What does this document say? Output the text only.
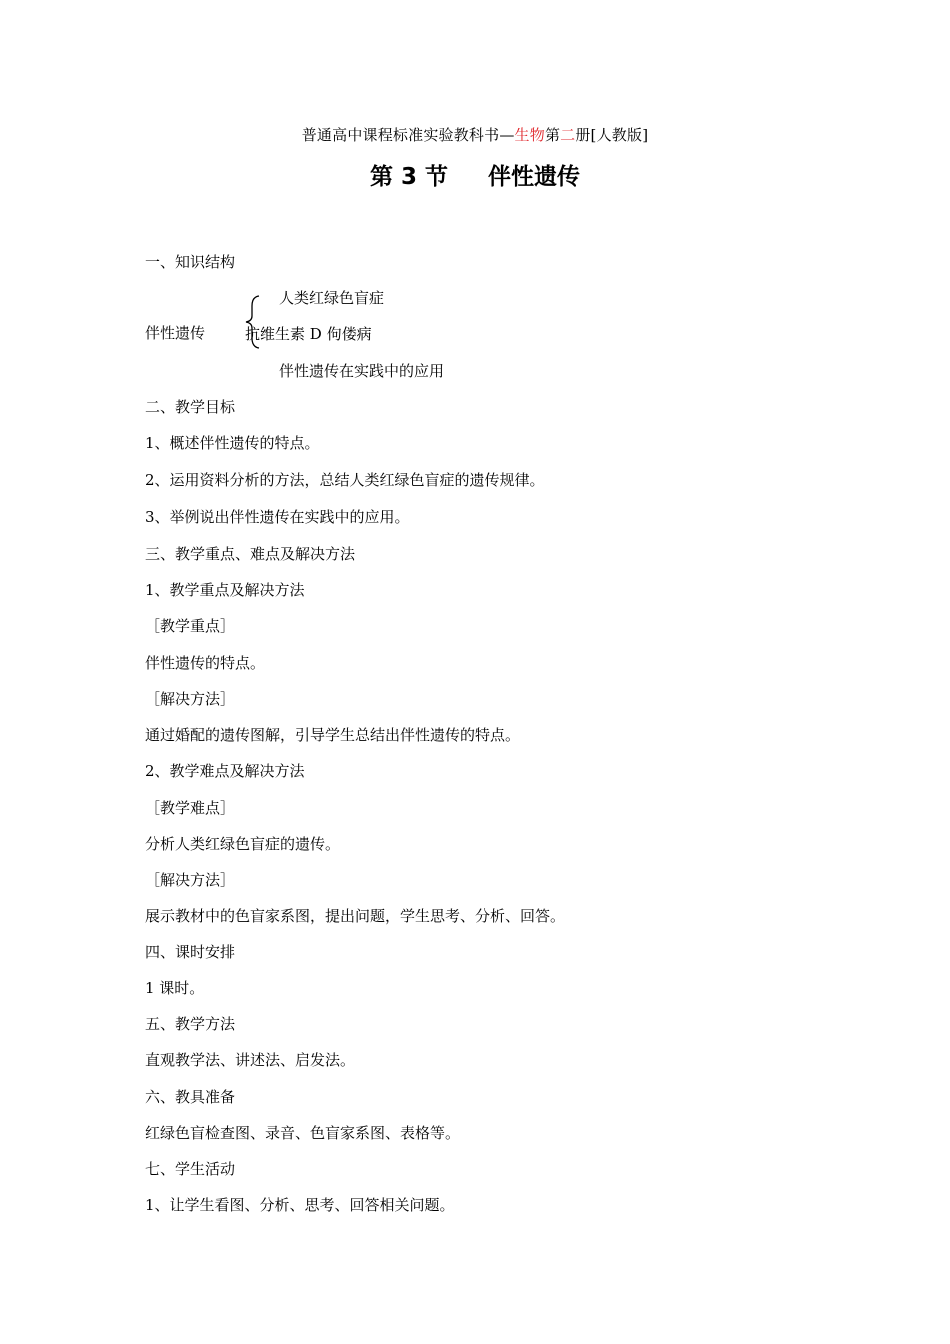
普通高中课程标准实验教科书—生物第二册[人教版]
第 3 节 伴性遗传
一、知识结构
伴性遗传
人类红绿色盲症
抗维生素 D 佝偻病
伴性遗传在实践中的应用
二、教学目标
1、概述伴性遗传的特点。
2、运用资料分析的方法，总结人类红绿色盲症的遗传规律。
3、举例说出伴性遗传在实践中的应用。
三、教学重点、难点及解决方法
1、教学重点及解决方法
［教学重点］
伴性遗传的特点。
［解决方法］
通过婚配的遗传图解，引导学生总结出伴性遗传的特点。
2、教学难点及解决方法
［教学难点］
分析人类红绿色盲症的遗传。
［解决方法］
展示教材中的色盲家系图，提出问题，学生思考、分析、回答。
四、课时安排
1 课时。
五、教学方法
直观教学法、讲述法、启发法。
六、教具准备
红绿色盲检查图、录音、色盲家系图、表格等。
七、学生活动
1、让学生看图、分析、思考、回答相关问题。
